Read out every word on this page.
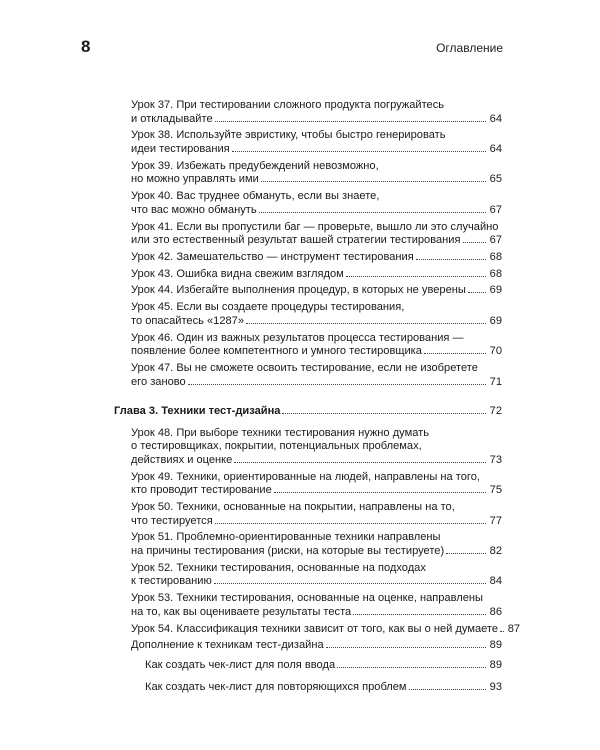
8	Оглавление
Урок 37. При тестировании сложного продукта погружайтесь
и откладывайте	64
Урок 38. Используйте эвристику, чтобы быстро генерировать
идеи тестирования	64
Урок 39. Избежать предубеждений невозможно,
но можно управлять ими	65
Урок 40. Вас труднее обмануть, если вы знаете,
что вас можно обмануть	67
Урок 41. Если вы пропустили баг — проверьте, вышло ли это случайно
или это естественный результат вашей стратегии тестирования	67
Урок 42. Замешательство — инструмент тестирования	68
Урок 43. Ошибка видна свежим взглядом	68
Урок 44. Избегайте выполнения процедур, в которых не уверены 69
Урок 45. Если вы создаете процедуры тестирования,
то опасайтесь «1287»	69
Урок 46. Один из важных результатов процесса тестирования —
появление более компетентного и умного тестировщика	70
Урок 47. Вы не сможете освоить тестирование, если не изобретете
его заново	71
Глава 3. Техники тест-дизайна	72
Урок 48. При выборе техники тестирования нужно думать
о тестировщиках, покрытии, потенциальных проблемах,
действиях и оценке	73
Урок 49. Техники, ориентированные на людей, направлены на того,
кто проводит тестирование	75
Урок 50. Техники, основанные на покрытии, направлены на то,
что тестируется	77
Урок 51. Проблемно-ориентированные техники направлены
на причины тестирования (риски, на которые вы тестируете)	82
Урок 52. Техники тестирования, основанные на подходах
к тестированию	84
Урок 53. Техники тестирования, основанные на оценке, направлены
на то, как вы оцениваете результаты теста	86
Урок 54. Классификация техники зависит от того, как вы о ней думаете 87
Дополнение к техникам тест-дизайна	89
Как создать чек-лист для поля ввода	89
Как создать чек-лист для повторяющихся проблем	93
